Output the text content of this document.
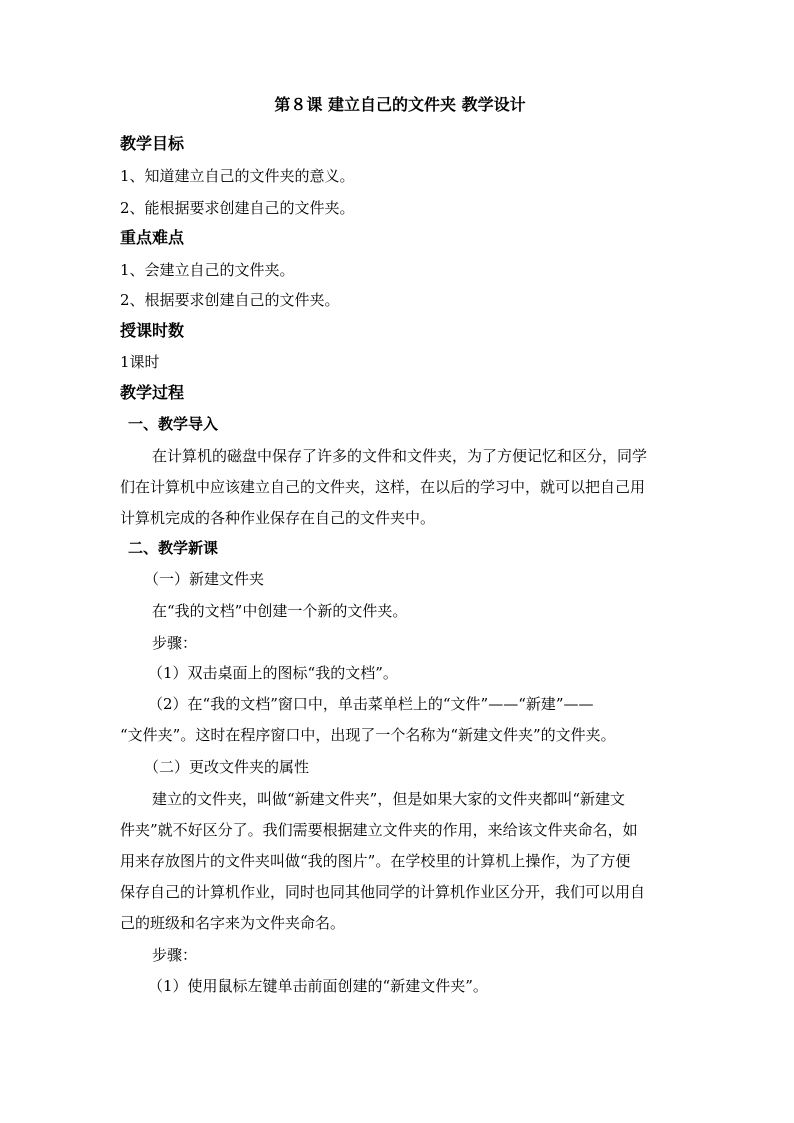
第８课 建立自己的文件夹 教学设计
教学目标
1、知道建立自己的文件夹的意义。
2、能根据要求创建自己的文件夹。
重点难点
1、会建立自己的文件夹。
2、根据要求创建自己的文件夹。
授课时数
1课时
教学过程
一、教学导入
在计算机的磁盘中保存了许多的文件和文件夹，为了方便记忆和区分，同学
们在计算机中应该建立自己的文件夹，这样，在以后的学习中，就可以把自己用
计算机完成的各种作业保存在自己的文件夹中。
二、教学新课
（一）新建文件夹
在“我的文档”中创建一个新的文件夹。
步骤：
（1）双击桌面上的图标“我的文档”。
（2）在“我的文档”窗口中，单击菜单栏上的“文件”——“新建”——
“文件夹”。这时在程序窗口中，出现了一个名称为“新建文件夹”的文件夹。
（二）更改文件夹的属性
建立的文件夹，叫做“新建文件夹”，但是如果大家的文件夹都叫“新建文
件夹”就不好区分了。我们需要根据建立文件夹的作用，来给该文件夹命名，如
用来存放图片的文件夹叫做“我的图片”。在学校里的计算机上操作，为了方便
保存自己的计算机作业，同时也同其他同学的计算机作业区分开，我们可以用自
己的班级和名字来为文件夹命名。
步骤：
（1）使用鼠标左键单击前面创建的“新建文件夹”。
